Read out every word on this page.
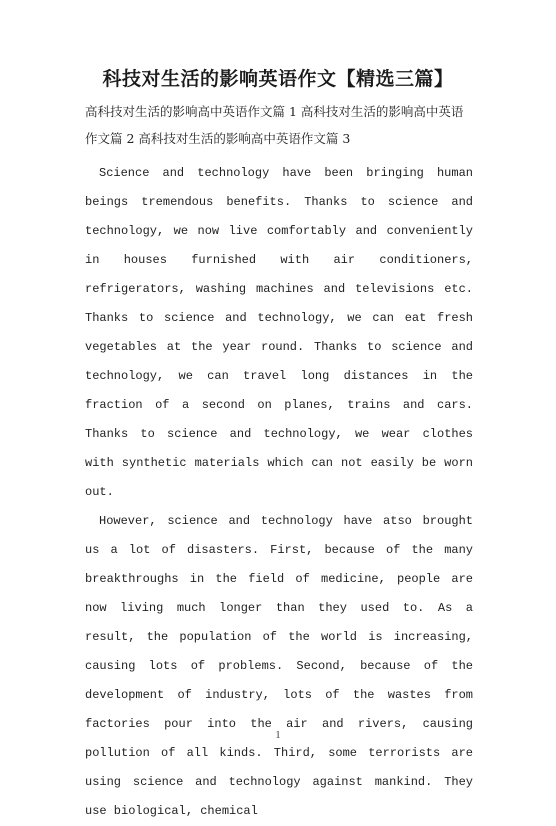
科技对生活的影响英语作文【精选三篇】
高科技对生活的影响高中英语作文篇 1 高科技对生活的影响高中英语作文篇 2 高科技对生活的影响高中英语作文篇 3

Science and technology have been bringing human beings tremendous benefits. Thanks to science and technology, we now live comfortably and conveniently in houses furnished with air conditioners, refrigerators, washing machines and televisions etc. Thanks to science and technology, we can eat fresh vegetables at the year round. Thanks to science and technology, we can travel long distances in the fraction of a second on planes, trains and cars. Thanks to science and technology, we wear clothes with synthetic materials which can not easily be worn out.

However, science and technology have atso brought us a lot of disasters. First, because of the many breakthroughs in the field of medicine, people are now living much longer than they used to. As a result, the population of the world is increasing, causing lots of problems. Second, because of the development of industry, lots of the wastes from factories pour into the air and rivers, causing pollution of all kinds. Third, some terrorists are using science and technology against mankind. They use biological, chemical

1
